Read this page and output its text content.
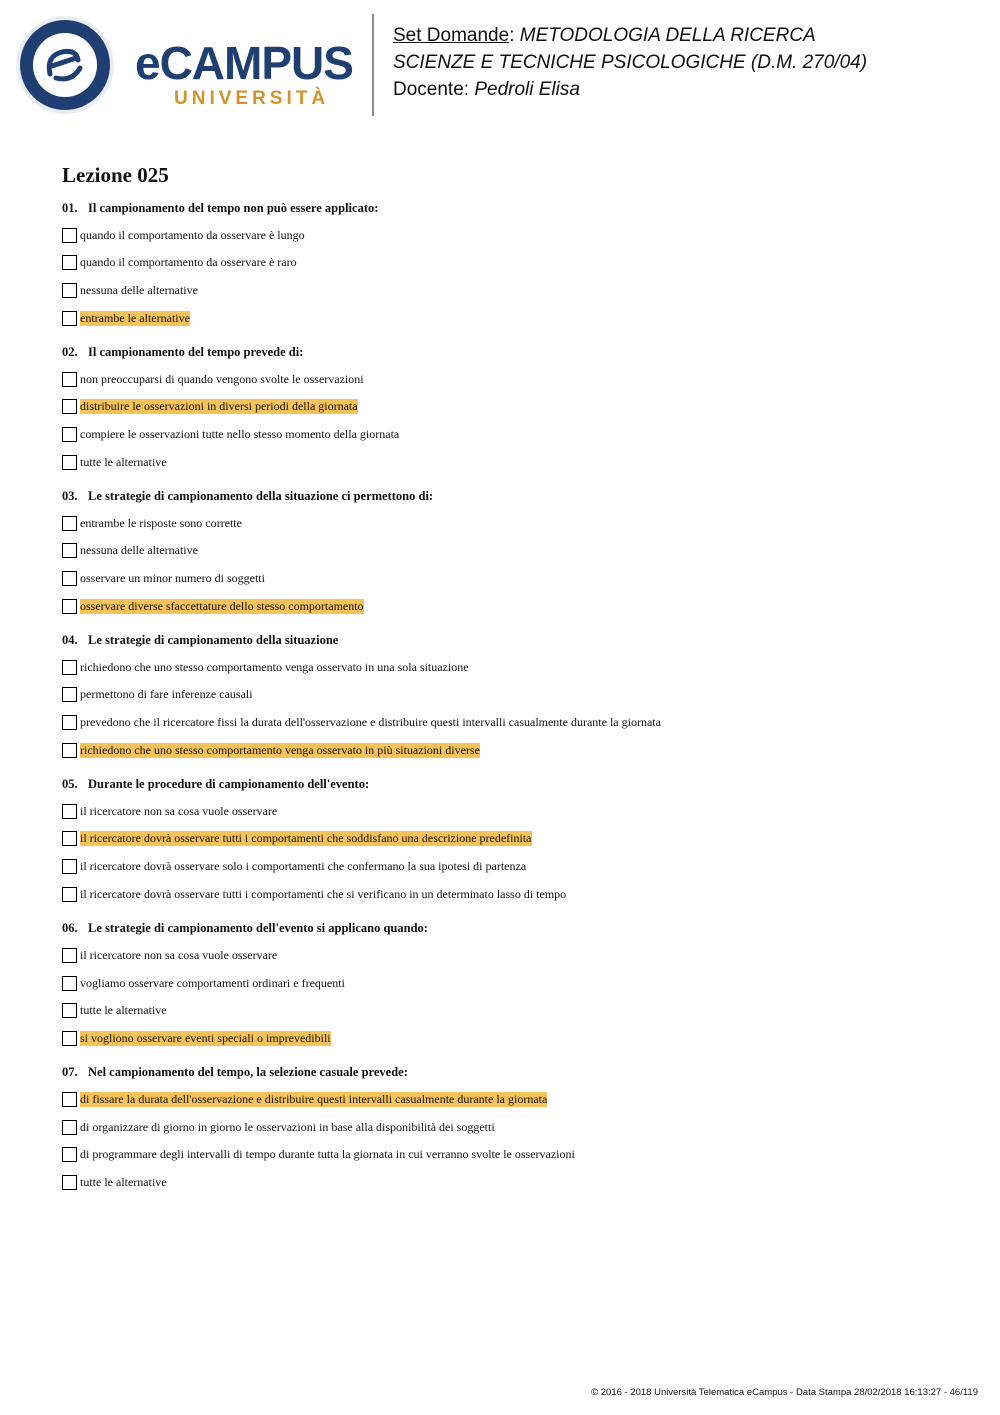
eCAMPUS
UNIVERSITÀ
Set Domande: METODOLOGIA DELLA RICERCA
SCIENZE E TECNICHE PSICOLOGICHE (D.M. 270/04)
Docente: Pedroli Elisa
Lezione 025
01. Il campionamento del tempo non può essere applicato:
quando il comportamento da osservare è lungo
quando il comportamento da osservare è raro
nessuna delle alternative
entrambe le alternative
02. Il campionamento del tempo prevede di:
non preoccuparsi di quando vengono svolte le osservazioni
distribuire le osservazioni in diversi periodi della giornata
compiere le osservazioni tutte nello stesso momento della giornata
tutte le alternative
03. Le strategie di campionamento della situazione ci permettono di:
entrambe le risposte sono corrette
nessuna delle alternative
osservare un minor numero di soggetti
osservare diverse sfaccettature dello stesso comportamento
04. Le strategie di campionamento della situazione
richiedono che uno stesso comportamento venga osservato in una sola situazione
permettono di fare inferenze causali
prevedono che il ricercatore fissi la durata dell'osservazione e distribuire questi intervalli casualmente durante la giornata
richiedono che uno stesso comportamento venga osservato in più situazioni diverse
05. Durante le procedure di campionamento dell'evento:
il ricercatore non sa cosa vuole osservare
il ricercatore dovrà osservare tutti i comportamenti che soddisfano una descrizione predefinita
il ricercatore dovrà osservare solo i comportamenti che confermano la sua ipotesi di partenza
il ricercatore dovrà osservare tutti i comportamenti che si verificano in un determinato lasso di tempo
06. Le strategie di campionamento dell'evento si applicano quando:
il ricercatore non sa cosa vuole osservare
vogliamo osservare comportamenti ordinari e frequenti
tutte le alternative
si vogliono osservare eventi speciali o imprevedibili
07. Nel campionamento del tempo, la selezione casuale prevede:
di fissare la durata dell'osservazione e distribuire questi intervalli casualmente durante la giornata
di organizzare di giorno in giorno le osservazioni in base alla disponibilità dei soggetti
di programmare degli intervalli di tempo durante tutta la giornata in cui verranno svolte le osservazioni
tutte le alternative
© 2016 - 2018 Università Telematica eCampus - Data Stampa 28/02/2018 16:13:27 - 46/119
